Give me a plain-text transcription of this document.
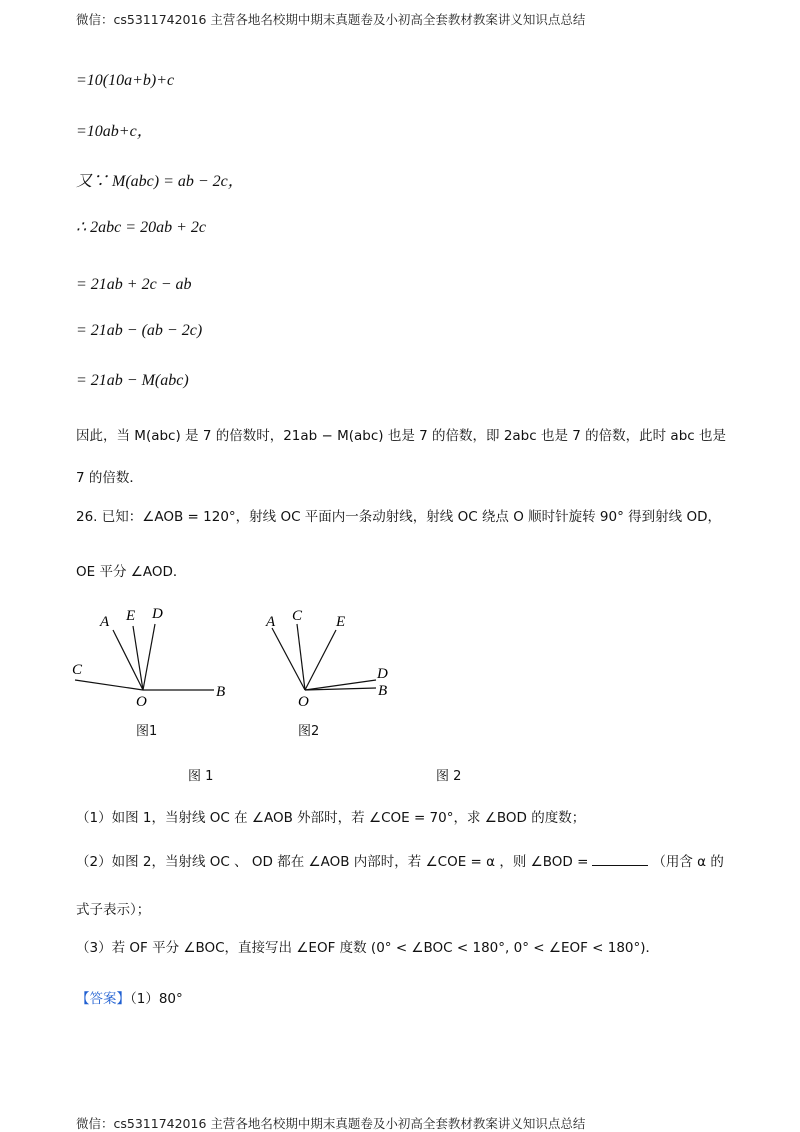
微信：cs5311742016 主营各地名校期中期末真题卷及小初高全套教材教案讲义知识点总结
=10(10a+b)+c
=10ab+c，
又∵ M(abc) = ab − 2c，
∴ 2abc = 20ab + 2c
= 21ab + 2c − ab
= 21ab − (ab − 2c)
= 21ab − M(abc)
因此，当 M(abc) 是 7 的倍数时，21ab − M(abc) 也是 7 的倍数，即 2abc 也是 7 的倍数，此时 abc 也是
7 的倍数．
26. 已知：∠AOB = 120°，射线 OC 平面内一条动射线，射线 OC 绕点 O 顺时针旋转 90° 得到射线 OD，
OE 平分 ∠AOD．
A E D
C
O
B
图1
A C E
D
O
B
图2
图 1	图 2
（1）如图 1，当射线 OC 在 ∠AOB 外部时，若 ∠COE = 70°，求 ∠BOD 的度数；
（2）如图 2，当射线 OC 、 OD 都在 ∠AOB 内部时，若 ∠COE = α ，则 ∠BOD =	（用含 α 的
式子表示）；
（3）若 OF 平分 ∠BOC，直接写出 ∠EOF 度数 (0° < ∠BOC < 180°, 0° < ∠EOF < 180°)．
【答案】（1）80°
微信：cs5311742016 主营各地名校期中期末真题卷及小初高全套教材教案讲义知识点总结
